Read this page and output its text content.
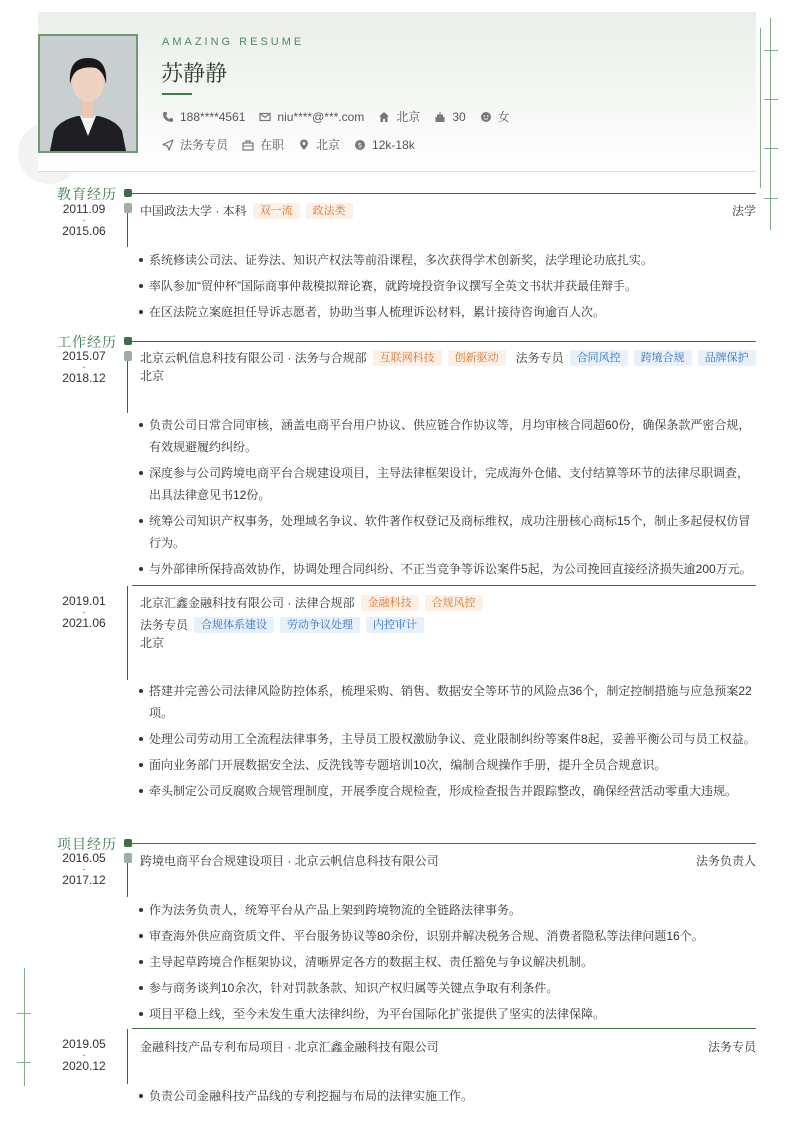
AMAZING RESUME
苏静静
188****4561	niu****@***.com	北京	30	女
法务专员	在职	北京	$ 12k-18k
教育经历
2011.09
-
2015.06
中国政法大学 · 本科	双一流	政法类	法学
系统修读公司法、证券法、知识产权法等前沿课程，多次获得学术创新奖，法学理论功底扎实。
率队参加“贸仲杯”国际商事仲裁模拟辩论赛，就跨境投资争议撰写全英文书状并获最佳辩手。
在区法院立案庭担任导诉志愿者，协助当事人梳理诉讼材料，累计接待咨询逾百人次。
工作经历
2015.07
-
2018.12
北京云帆信息科技有限公司 · 法务与合规部	互联网科技	创新驱动	法务专员	合同风控	跨境合规	品牌保护
北京
负责公司日常合同审核，涵盖电商平台用户协议、供应链合作协议等，月均审核合同超60份，确保条款严密合规，有效规避履约纠纷。
深度参与公司跨境电商平台合规建设项目，主导法律框架设计，完成海外仓储、支付结算等环节的法律尽职调查，出具法律意见书12份。
统筹公司知识产权事务，处理域名争议、软件著作权登记及商标维权，成功注册核心商标15个，制止多起侵权仿冒行为。
与外部律所保持高效协作，协调处理合同纠纷、不正当竞争等诉讼案件5起，为公司挽回直接经济损失逾200万元。
2019.01
-
2021.06
北京汇鑫金融科技有限公司 · 法律合规部	金融科技	合规风控
法务专员	合规体系建设	劳动争议处理	内控审计
北京
搭建并完善公司法律风险防控体系，梳理采购、销售、数据安全等环节的风险点36个，制定控制措施与应急预案22项。
处理公司劳动用工全流程法律事务，主导员工股权激励争议、竞业限制纠纷等案件8起，妥善平衡公司与员工权益。
面向业务部门开展数据安全法、反洗钱等专题培训10次，编制合规操作手册，提升全员合规意识。
牵头制定公司反腐败合规管理制度，开展季度合规检查，形成检查报告并跟踪整改，确保经营活动零重大违规。
项目经历
2016.05
-
2017.12
跨境电商平台合规建设项目 · 北京云帆信息科技有限公司	法务负责人
作为法务负责人，统筹平台从产品上架到跨境物流的全链路法律事务。
审查海外供应商资质文件、平台服务协议等80余份，识别并解决税务合规、消费者隐私等法律问题16个。
主导起草跨境合作框架协议，清晰界定各方的数据主权、责任豁免与争议解决机制。
参与商务谈判10余次，针对罚款条款、知识产权归属等关键点争取有利条件。
项目平稳上线，至今未发生重大法律纠纷，为平台国际化扩张提供了坚实的法律保障。
2019.05
-
2020.12
金融科技产品专利布局项目 · 北京汇鑫金融科技有限公司	法务专员
负责公司金融科技产品线的专利挖掘与布局的法律实施工作。
